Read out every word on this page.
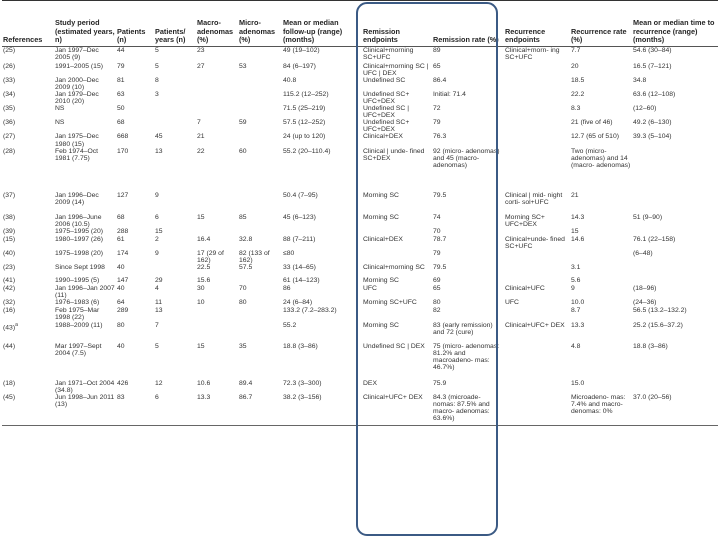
References	Study period (estimated years, n)	Patients (n)	Patients/ years (n)	Macro- adenomas (%)	Micro- adenomas (%)	Mean or median follow-up (range) (months)	Remission endpoints	Remission rate (%)	Recurrence endpoints	Recurrence rate (%)	Mean or median time to recurrence (range) (months)
(25)	Jan 1997–Dec 2005 (9)	44	5	23		49 (19–102)	Clinical+morning SC+UFC	89	Clinical+morn- ing SC+UFC	7.7	54.6 (30–84)
(26)	1991–2005 (15)	79	5	27	53	84 (6–197)	Clinical+morning SC | UFC | DEX	65		20	16.5 (7–121)
(33)	Jan 2000–Dec 2009 (10)	81	8			40.8	Undefined SC	86.4		18.5	34.8
(34)	Jan 1979–Dec 2010 (20)	63	3			115.2 (12–252)	Undefined SC+ UFC+DEX	Initial: 71.4		22.2	63.6 (12–108)
(35)	NS	50				71.5 (25–219)	Undefined SC | UFC+DEX	72		8.3	(12–60)
(36)	NS	68		7	59	57.5 (12–252)	Undefined SC+ UFC+DEX	79		21 (five of 46)	49.2 (6–130)
(27)	Jan 1975–Dec 1980 (15)	668	45	21		24 (up to 120)	Clinical+DEX	76.3		12.7 (65 of 510)	39.3 (5–104)
(28)	Feb 1974–Oct 1981 (7.75)	170	13	22	60	55.2 (20–110.4)	Clinical | unde- fined SC+DEX	92 (micro- adenomas) and 45 (macro- adenomas)		Two (micro- adenomas) and 14 (macro- adenomas)	
(37)	Jan 1996–Dec 2009 (14)	127	9			50.4 (7–95)	Morning SC	79.5	Clinical | mid- night corti- sol+UFC	21	
(38)	Jan 1996–June 2006 (10.5)	68	6	15	85	45 (6–123)	Morning SC	74	Morning SC+ UFC+DEX	14.3	51 (9–90)
(39)	1975–1995 (20)	288	15					70		15	
(15)	1980–1997 (26)	61	2	16.4	32.8	88 (7–211)	Clinical+DEX	78.7	Clinical+unde- fined SC+UFC	14.6	76.1 (22–158)
(40)	1975–1998 (20)	174	9	17 (29 of 162)	82 (133 of 162)	≤80		79			(6–48)
(23)	Since Sept 1998	40		22.5	57.5	33 (14–65)	Clinical+morning SC	79.5		3.1	
(41)	1990–1995 (5)	147	29	15.6		61 (14–123)	Morning SC	69		5.6	
(42)	Jan 1996–Jan 2007 (11)	40	4	30	70	86	UFC	65	Clinical+UFC	9	(18–96)
(32)	1976–1983 (6)	64	11	10	80	24 (6–84)	Morning SC+UFC	80	UFC	10.0	(24–36)
(16)	Feb 1975–Mar 1998 (22)	289	13			133.2 (7.2–283.2)		82		8.7	56.5 (13.2–132.2)
$(43)^a$	1988–2009 (11)	80	7			55.2	Morning SC	83 (early remission) and 72 (cure)	Clinical+UFC+ DEX	13.3	25.2 (15.6–37.2)
(44)	Mar 1997–Sept 2004 (7.5)	40	5	15	35	18.8 (3–86)	Undefined SC | DEX	75 (micro- adenomas: 81.2% and macroadeno- mas: 46.7%)		4.8	18.8 (3–86)
(18)	Jan 1971–Oct 2004 (34.8)	426	12	10.6	89.4	72.3 (3–300)	DEX	75.9		15.0	
(45)	Jun 1998–Jun 2011 (13)	83	6	13.3	86.7	38.2 (3–156)	Clinical+UFC+ DEX	84.3 (microade- nomas: 87.5% and macro- adenomas: 63.6%)		Microadeno- mas: 7.4% and macro- denomas: 0%	37.0 (20–56)
